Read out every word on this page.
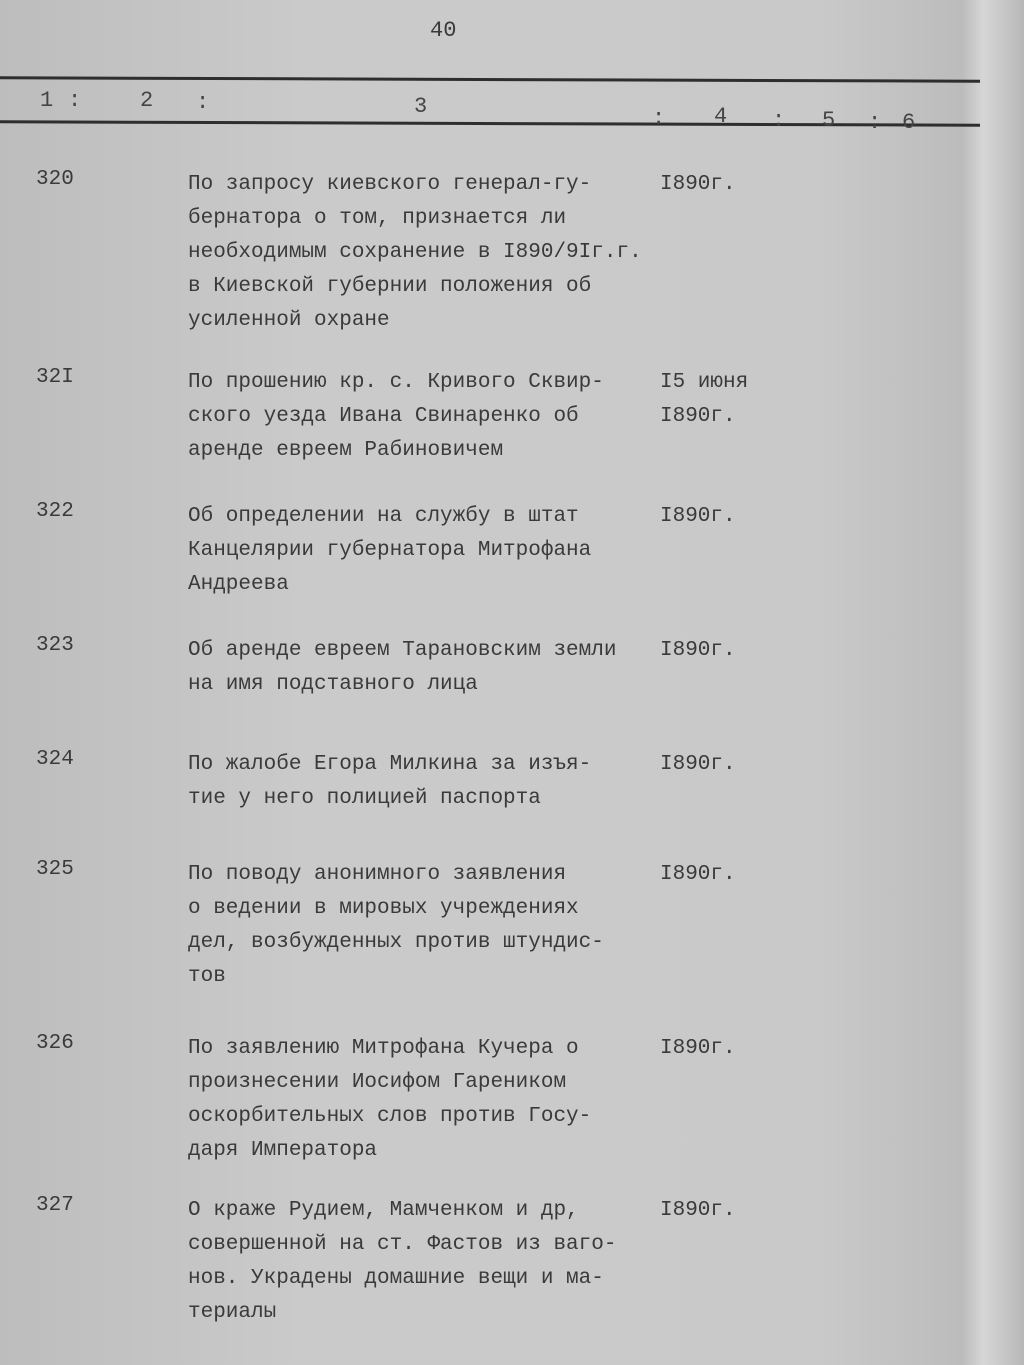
40
1 :	2 :	3	: 4 : 5 : 6
320	По запросу киевского генерал-гу-
бернатора о том, признается ли
необходимым сохранение в I890/9Iг.г.
в Киевской губернии положения об
усиленной охране
I890г.
32I	По прошению кр. с. Кривого Сквир-
ского уезда Ивана Свинаренко об
аренде евреем Рабиновичем
I5 июня
I890г.
322	Об определении на службу в штат
Канцелярии губернатора Митрофана
Андреева
I890г.
323	Об аренде евреем Тарановским земли
на имя подставного лица
I890г.
324	По жалобе Егора Милкина за изъя-
тие у него полицией паспорта
I890г.
325	По поводу анонимного заявления
о ведении в мировых учреждениях
дел, возбужденных против штундис-
тов
I890г.
326	По заявлению Митрофана Кучера о
произнесении Иосифом Гареником
оскорбительных слов против Госу-
даря Императора
I890г.
327	О краже Рудием, Мамченком и др,
совершенной на ст. Фастов из ваго-
нов. Украдены домашние вещи и ма-
териалы
I890г.
